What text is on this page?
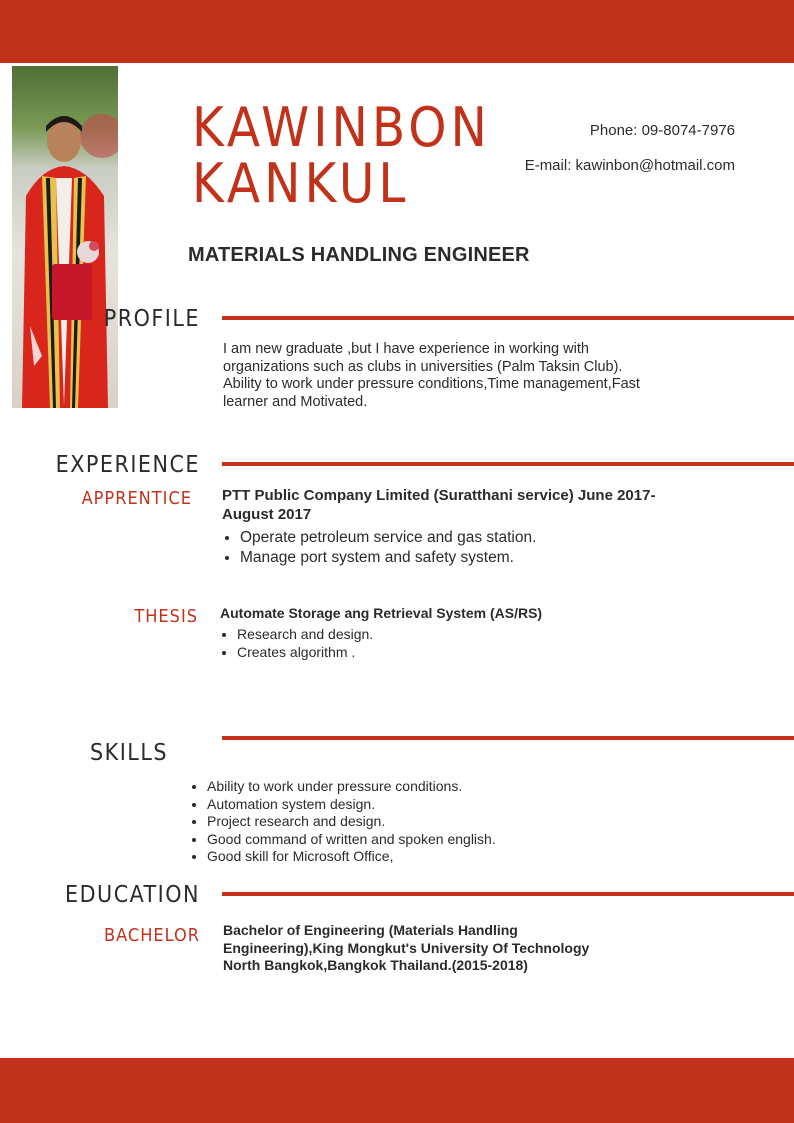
KAWINBON
KANKUL

Phone: 09-8074-7976

E-mail: kawinbon@hotmail.com

MATERIALS HANDLING ENGINEER
PROFILE

I am new graduate ,but I have experience in working with organizations such as clubs in universities (Palm Taksin Club). Ability to work under pressure conditions,Time management,Fast learner and Motivated.

EXPERIENCE
APPRENTICE PTT Public Company Limited (Suratthani service) June 2017-August 2017

• Operate petroleum service and gas station.
• Manage port system and safety system.
THESIS Automate Storage ang Retrieval System (AS/RS)

• Research and design.
• Creates algorithm .
SKILLS
• Ability to work under pressure conditions.
• Automation system design.
• Project research and design.
• Good command of written and spoken english.
• Good skill for Microsoft Office,
EDUCATION
BACHELOR Bachelor of Engineering (Materials Handling Engineering),King Mongkut's University Of Technology North Bangkok,Bangkok Thailand.(2015-2018)
